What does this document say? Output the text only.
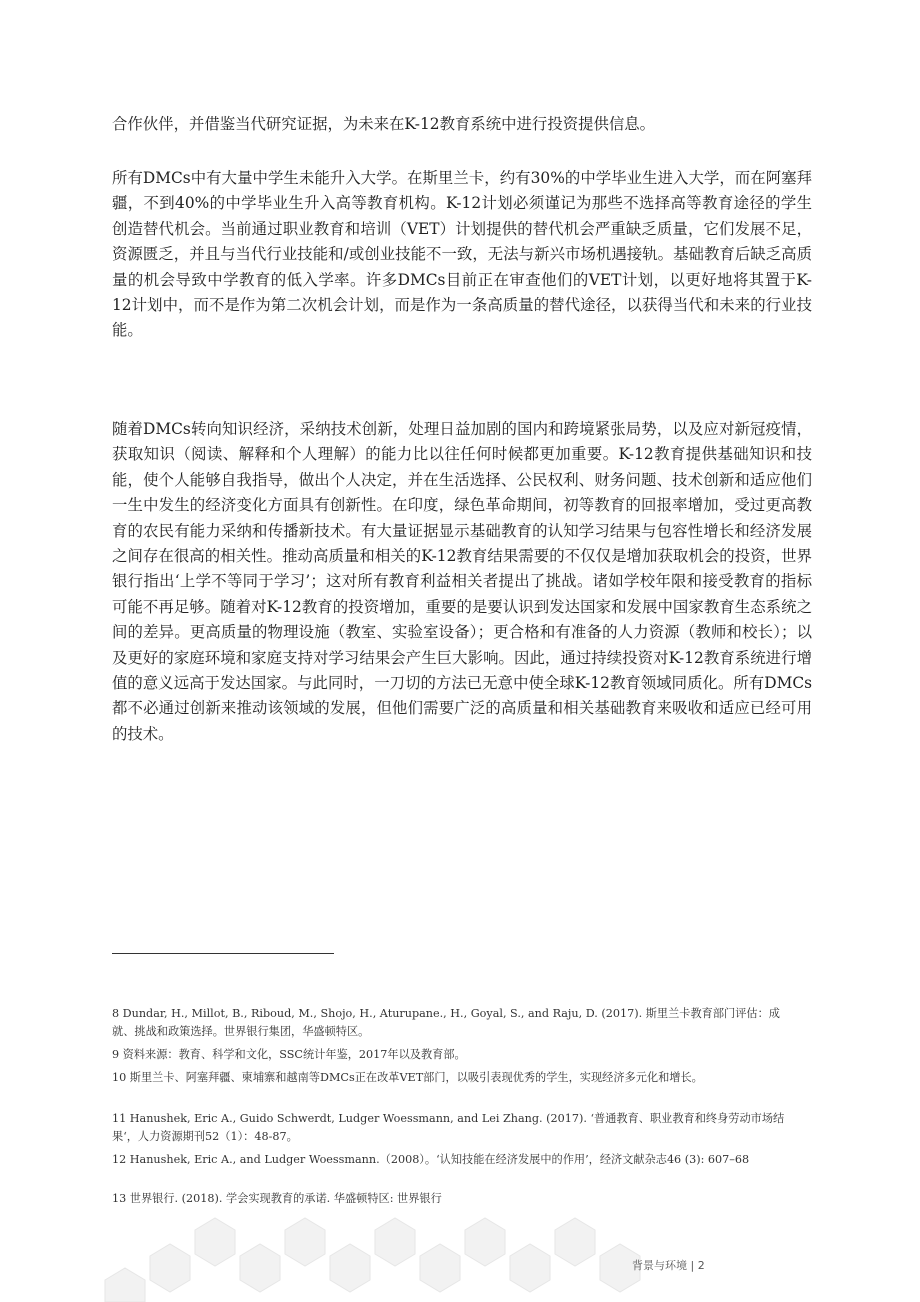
合作伙伴，并借鉴当代研究证据，为未来在K-12教育系统中进行投资提供信息。

所有DMCs中有大量中学生未能升入大学。在斯里兰卡，约有30%的中学毕业生进入大学，而在阿塞拜疆，不到40%的中学毕业生升入高等教育机构。K-12计划必须谨记为那些不选择高等教育途径的学生创造替代机会。当前通过职业教育和培训（VET）计划提供的替代机会严重缺乏质量，它们发展不足，资源匮乏，并且与当代行业技能和/或创业技能不一致，无法与新兴市场机遇接轨。基础教育后缺乏高质量的机会导致中学教育的低入学率。许多DMCs目前正在审查他们的VET计划，以更好地将其置于K-12计划中，而不是作为第二次机会计划，而是作为一条高质量的替代途径，以获得当代和未来的行业技能。

随着DMCs转向知识经济，采纳技术创新，处理日益加剧的国内和跨境紧张局势，以及应对新冠疫情，获取知识（阅读、解释和个人理解）的能力比以往任何时候都更加重要。K-12教育提供基础知识和技能，使个人能够自我指导，做出个人决定，并在生活选择、公民权利、财务问题、技术创新和适应他们一生中发生的经济变化方面具有创新性。在印度，绿色革命期间，初等教育的回报率增加，受过更高教育的农民有能力采纳和传播新技术。有大量证据显示基础教育的认知学习结果与包容性增长和经济发展之间存在很高的相关性。推动高质量和相关的K-12教育结果需要的不仅仅是增加获取机会的投资，世界银行指出‘上学不等同于学习’；这对所有教育利益相关者提出了挑战。诸如学校年限和接受教育的指标可能不再足够。随着对K-12教育的投资增加，重要的是要认识到发达国家和发展中国家教育生态系统之间的差异。更高质量的物理设施（教室、实验室设备）；更合格和有准备的人力资源（教师和校长）；以及更好的家庭环境和家庭支持对学习结果会产生巨大影响。因此，通过持续投资对K-12教育系统进行增值的意义远高于发达国家。与此同时，一刀切的方法已无意中使全球K-12教育领域同质化。所有DMCs都不必通过创新来推动该领域的发展，但他们需要广泛的高质量和相关基础教育来吸收和适应已经可用的技术。

8 Dundar, H., Millot, B., Riboud, M., Shojo, H., Aturupane., H., Goyal, S., and Raju, D. (2017). 斯里兰卡教育部门评估：成就、挑战和政策选择。世界银行集团，华盛顿特区。

9 资料来源：教育、科学和文化，SSC统计年鉴，2017年以及教育部。

10 斯里兰卡、阿塞拜疆、柬埔寨和越南等DMCs正在改革VET部门，以吸引表现优秀的学生，实现经济多元化和增长。

11 Hanushek, Eric A., Guido Schwerdt, Ludger Woessmann, and Lei Zhang. (2017). ‘普通教育、职业教育和终身劳动市场结果‘，人力资源期刊52（1）：48-87。

12 Hanushek, Eric A., and Ludger Woessmann.（2008）。‘认知技能在经济发展中的作用’，经济文献杂志46 (3): 607–68

13 世界银行. (2018). 学会实现教育的承诺. 华盛顿特区: 世界银行

背景与环境 | 2
